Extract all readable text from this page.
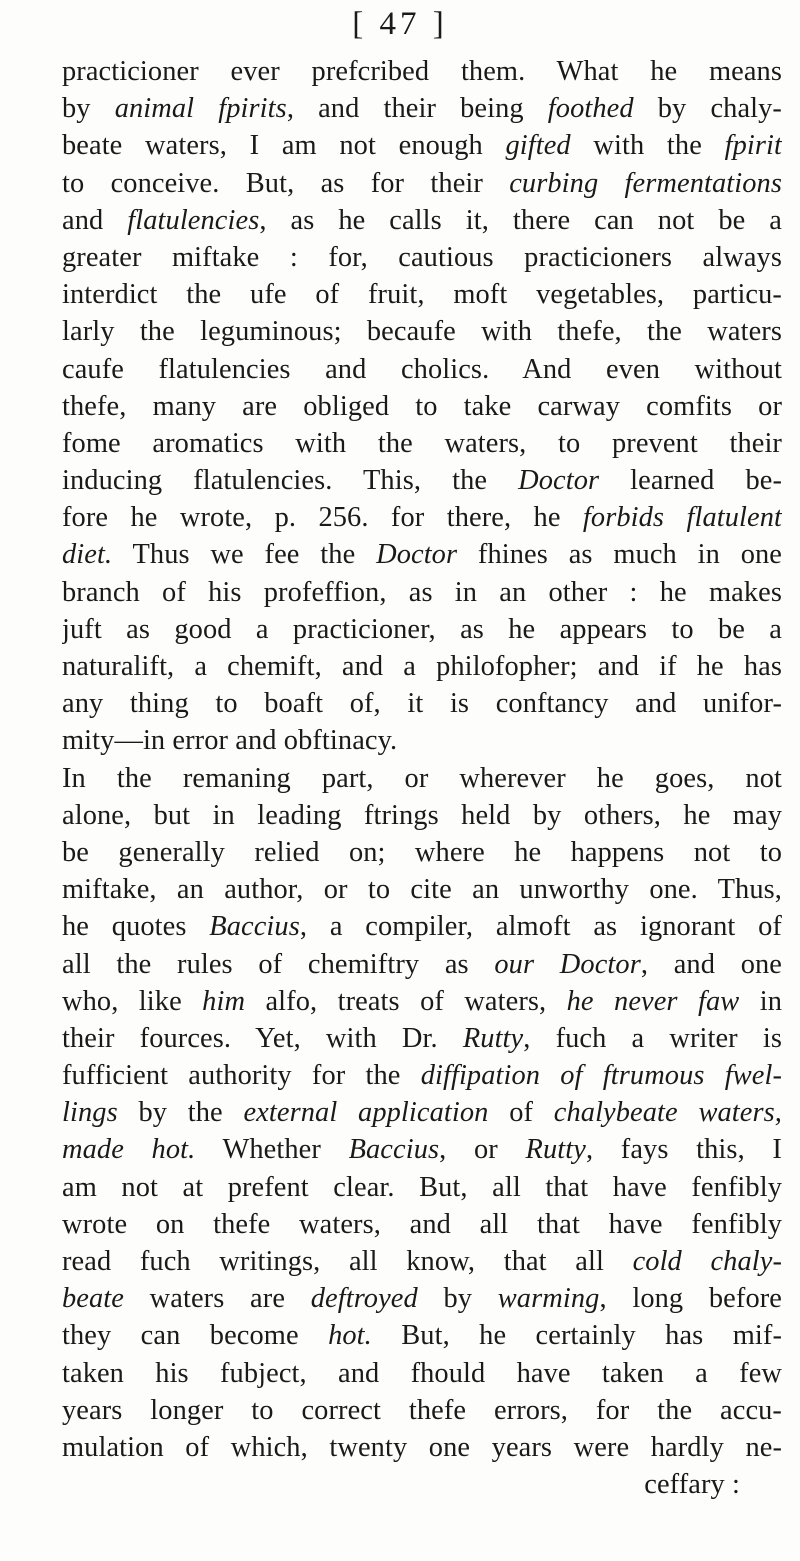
[ 47 ]
practicioner ever prefcribed them. What he means
by animal fpirits, and their being foothed by chaly-
beate waters, I am not enough gifted with the fpirit
to conceive. But, as for their curbing fermentations
and flatulencies, as he calls it, there can not be a
greater miftake : for, cautious practicioners always
interdict the ufe of fruit, moft vegetables, particu-
larly the leguminous; becaufe with thefe, the waters
caufe flatulencies and cholics. And even without
thefe, many are obliged to take carway comfits or
fome aromatics with the waters, to prevent their
inducing flatulencies. This, the Doctor learned be-
fore he wrote, p. 256. for there, he forbids flatulent
diet. Thus we fee the Doctor fhines as much in one
branch of his profeffion, as in an other : he makes
juft as good a practicioner, as he appears to be a
naturalift, a chemift, and a philofopher; and if he has
any thing to boaft of, it is conftancy and unifor-
mity—in error and obftinacy.
In the remaning part, or wherever he goes, not
alone, but in leading ftrings held by others, he may
be generally relied on; where he happens not to
miftake, an author, or to cite an unworthy one. Thus,
he quotes Baccius, a compiler, almoft as ignorant of
all the rules of chemiftry as our Doctor, and one
who, like him alfo, treats of waters, he never faw in
their fources. Yet, with Dr. Rutty, fuch a writer is
fufficient authority for the diffipation of ftrumous fwel-
lings by the external application of chalybeate waters,
made hot. Whether Baccius, or Rutty, fays this, I
am not at prefent clear. But, all that have fenfibly
wrote on thefe waters, and all that have fenfibly
read fuch writings, all know, that all cold chaly-
beate waters are deftroyed by warming, long before
they can become hot. But, he certainly has mif-
taken his fubject, and fhould have taken a few
years longer to correct thefe errors, for the accu-
mulation of which, twenty one years were hardly ne-
ceffary :
